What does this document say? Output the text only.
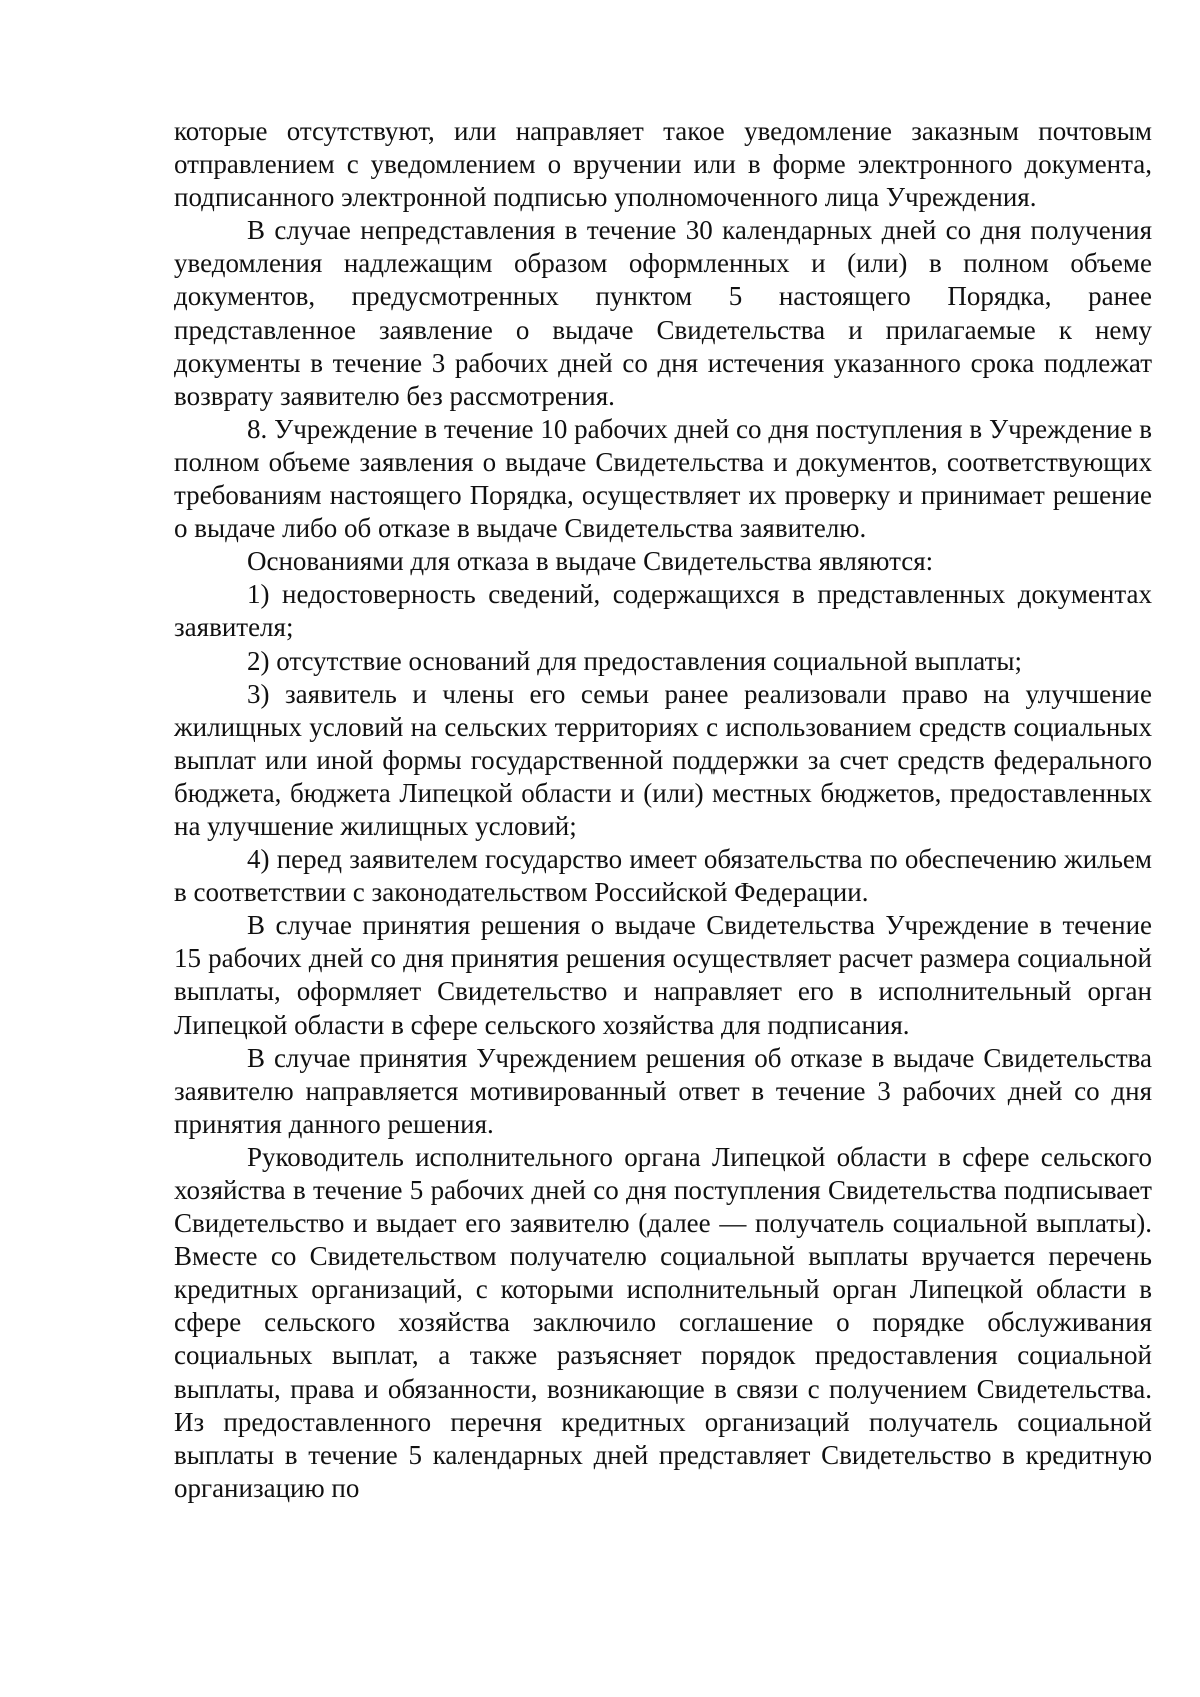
которые отсутствуют, или направляет такое уведомление заказным почтовым отправлением с уведомлением о вручении или в форме электронного документа, подписанного электронной подписью уполномоченного лица Учреждения.

В случае непредставления в течение 30 календарных дней со дня получения уведомления надлежащим образом оформленных и (или) в полном объеме документов, предусмотренных пунктом 5 настоящего Порядка, ранее представленное заявление о выдаче Свидетельства и прилагаемые к нему документы в течение 3 рабочих дней со дня истечения указанного срока подлежат возврату заявителю без рассмотрения.

8. Учреждение в течение 10 рабочих дней со дня поступления в Учреждение в полном объеме заявления о выдаче Свидетельства и документов, соответствующих требованиям настоящего Порядка, осуществляет их проверку и принимает решение о выдаче либо об отказе в выдаче Свидетельства заявителю.

Основаниями для отказа в выдаче Свидетельства являются:

1) недостоверность сведений, содержащихся в представленных документах заявителя;

2) отсутствие оснований для предоставления социальной выплаты;

3) заявитель и члены его семьи ранее реализовали право на улучшение жилищных условий на сельских территориях с использованием средств социальных выплат или иной формы государственной поддержки за счет средств федерального бюджета, бюджета Липецкой области и (или) местных бюджетов, предоставленных на улучшение жилищных условий;

4) перед заявителем государство имеет обязательства по обеспечению жильем в соответствии с законодательством Российской Федерации.

В случае принятия решения о выдаче Свидетельства Учреждение в течение 15 рабочих дней со дня принятия решения осуществляет расчет размера социальной выплаты, оформляет Свидетельство и направляет его в исполнительный орган Липецкой области в сфере сельского хозяйства для подписания.

В случае принятия Учреждением решения об отказе в выдаче Свидетельства заявителю направляется мотивированный ответ в течение 3 рабочих дней со дня принятия данного решения.

Руководитель исполнительного органа Липецкой области в сфере сельского хозяйства в течение 5 рабочих дней со дня поступления Свидетельства подписывает Свидетельство и выдает его заявителю (далее — получатель социальной выплаты). Вместе со Свидетельством получателю социальной выплаты вручается перечень кредитных организаций, с которыми исполнительный орган Липецкой области в сфере сельского хозяйства заключило соглашение о порядке обслуживания социальных выплат, а также разъясняет порядок предоставления социальной выплаты, права и обязанности, возникающие в связи с получением Свидетельства. Из предоставленного перечня кредитных организаций получатель социальной выплаты в течение 5 календарных дней представляет Свидетельство в кредитную организацию по
